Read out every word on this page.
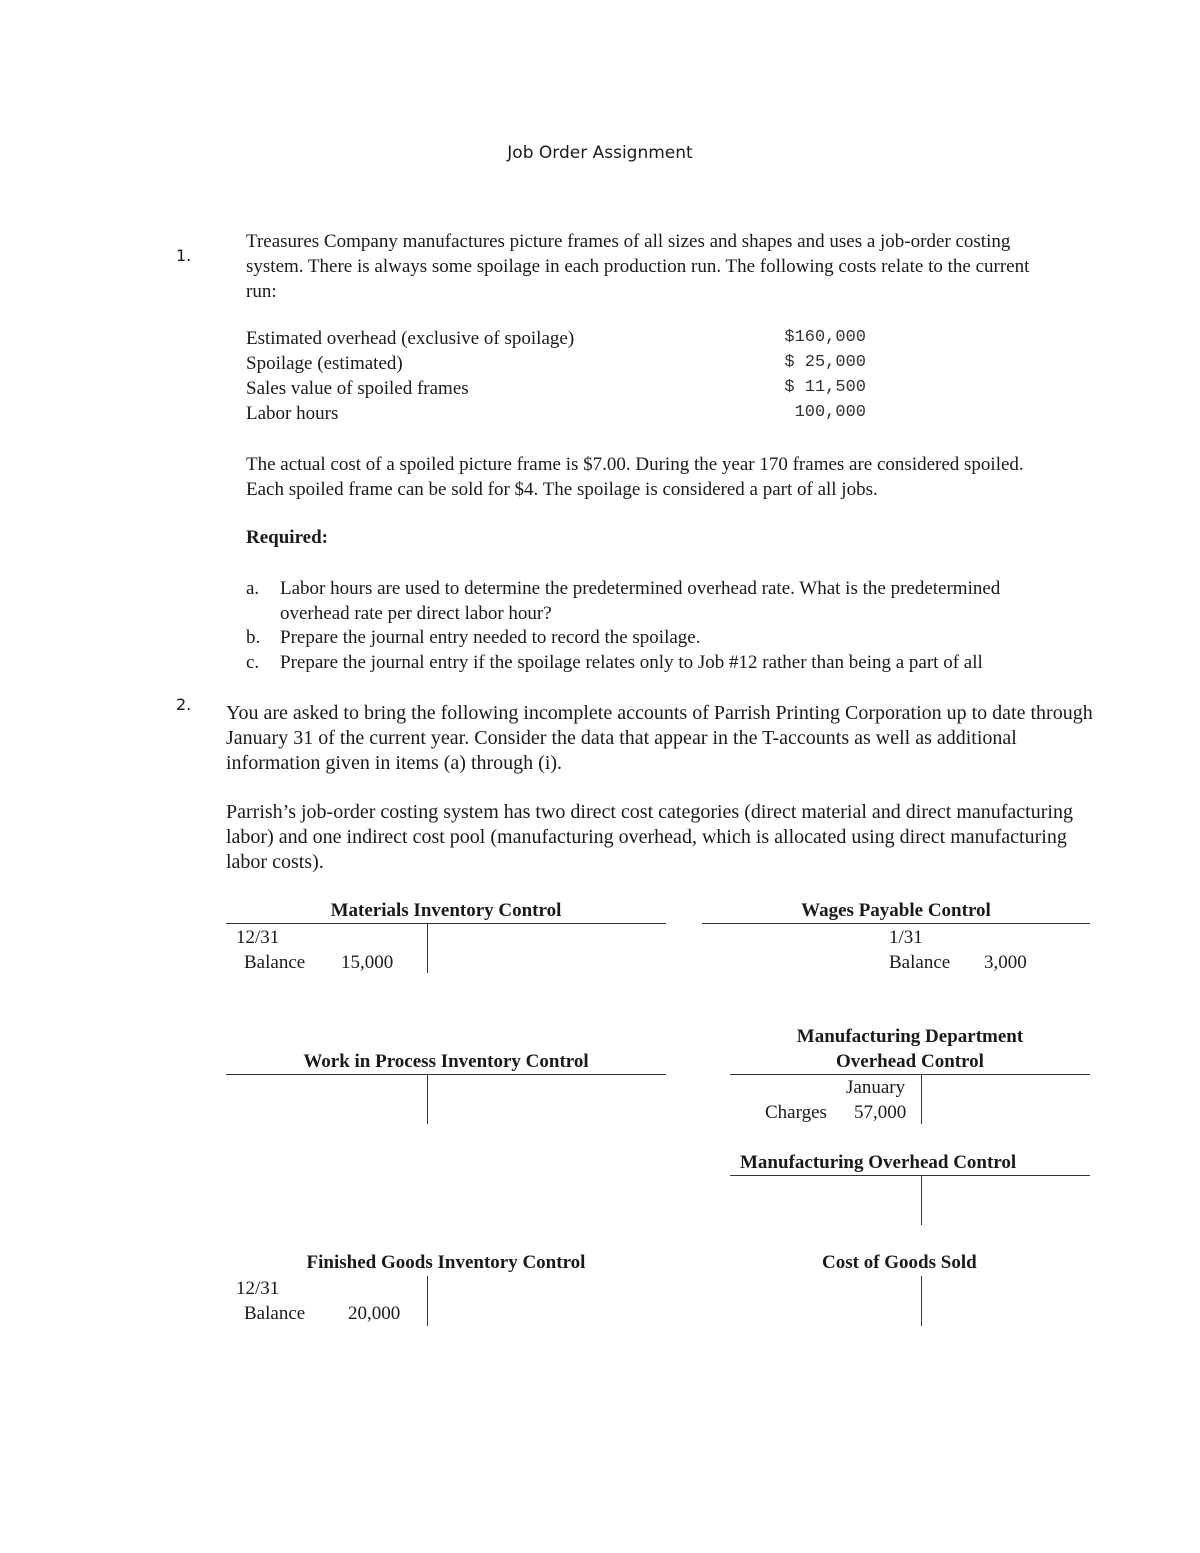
Job Order Assignment
1.
Treasures Company manufactures picture frames of all sizes and shapes and uses a job-order costing system. There is always some spoilage in each production run. The following costs relate to the current run:
Estimated overhead (exclusive of spoilage)	$160,000
Spoilage (estimated)	$ 25,000
Sales value of spoiled frames	$ 11,500
Labor hours	100,000
The actual cost of a spoiled picture frame is $7.00. During the year 170 frames are considered spoiled. Each spoiled frame can be sold for $4. The spoilage is considered a part of all jobs.
Required:
a. Labor hours are used to determine the predetermined overhead rate. What is the predetermined overhead rate per direct labor hour?
b. Prepare the journal entry needed to record the spoilage.
c. Prepare the journal entry if the spoilage relates only to Job #12 rather than being a part of all
2. You are asked to bring the following incomplete accounts of Parrish Printing Corporation up to date through January 31 of the current year. Consider the data that appear in the T-accounts as well as additional information given in items (a) through (i).
Parrish’s job-order costing system has two direct cost categories (direct material and direct manufacturing labor) and one indirect cost pool (manufacturing overhead, which is allocated using direct manufacturing labor costs).
Materials Inventory Control
12/31
Balance 15,000
Wages Payable Control
1/31
Balance 3,000
Work in Process Inventory Control
Manufacturing Department
Overhead Control
January
Charges 57,000
Manufacturing Overhead Control
Finished Goods Inventory Control
12/31
Balance 20,000
Cost of Goods Sold
